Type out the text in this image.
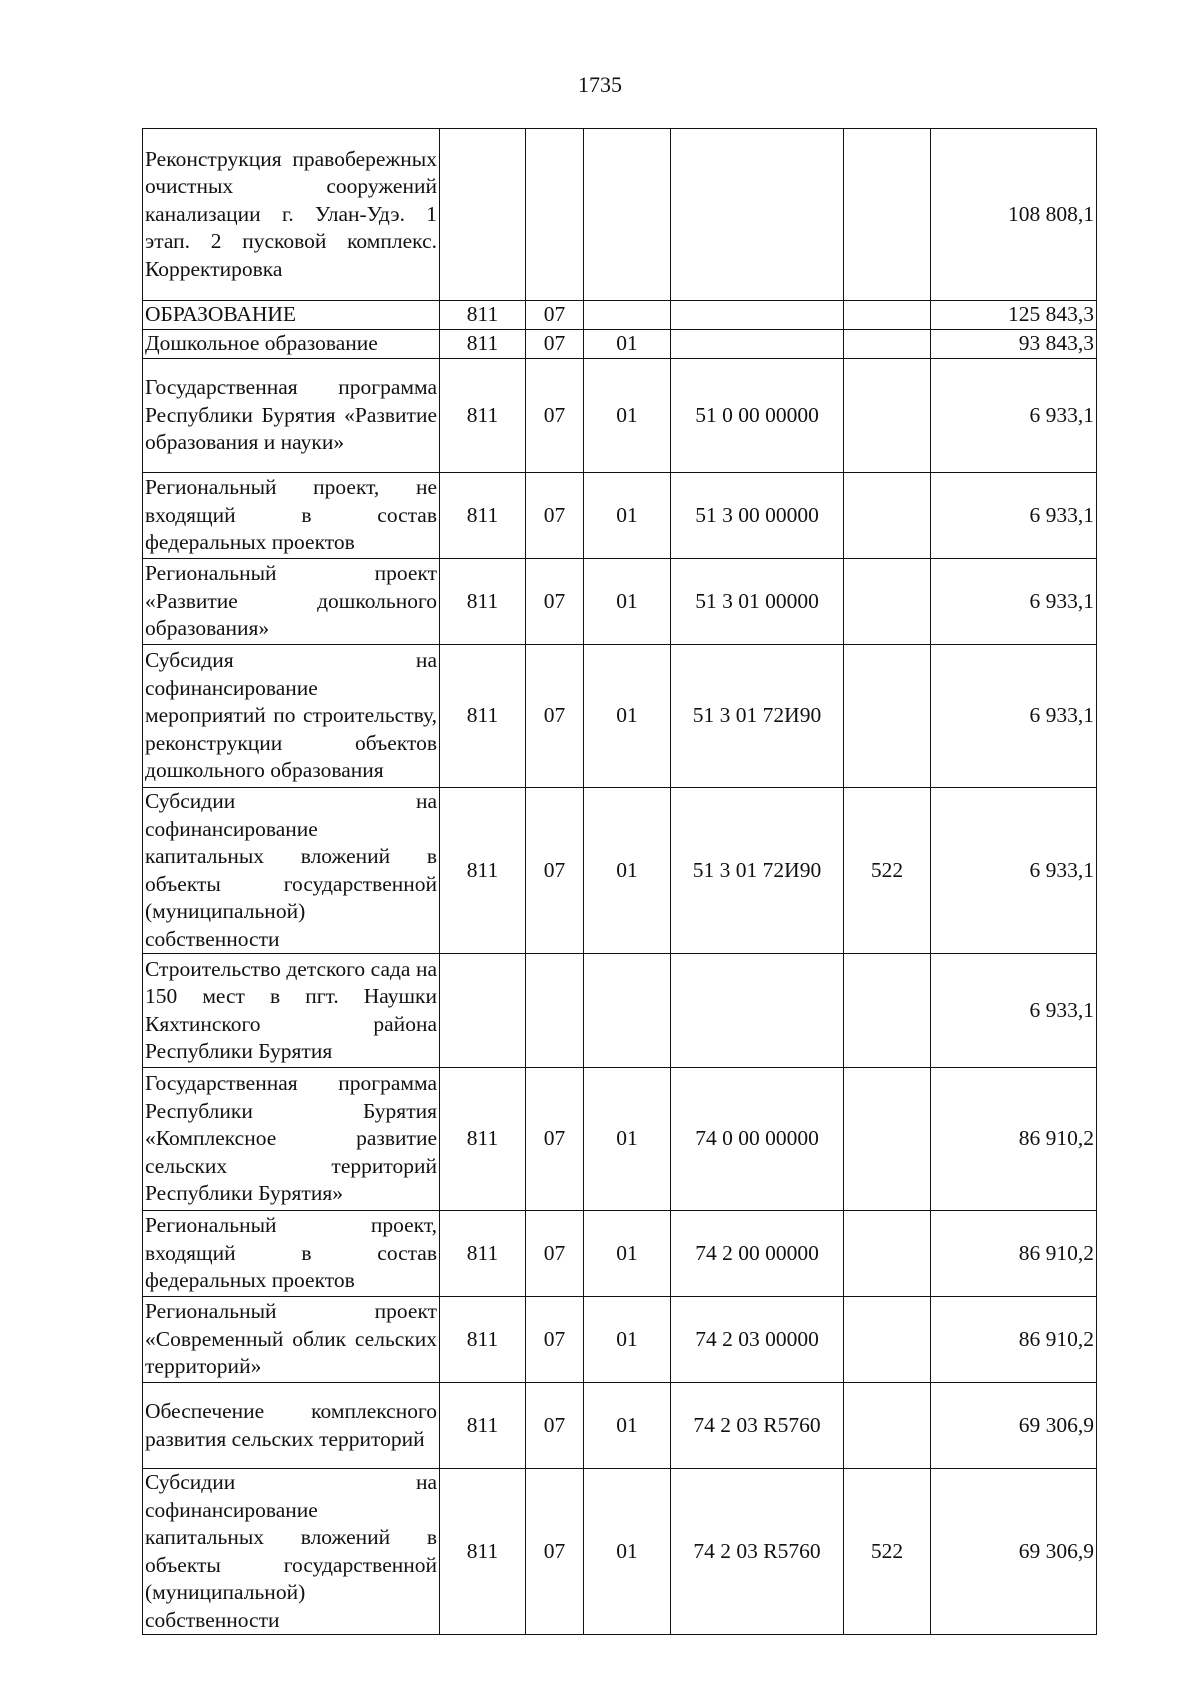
1735
Реконструкция правобережных очистных сооружений канализации г. Улан-Удэ. 1 этап. 2 пусковой комплекс. Корректировка						108 808,1
ОБРАЗОВАНИЕ	811	07				125 843,3
Дошкольное образование	811	07	01			93 843,3
Государственная программа Республики Бурятия «Развитие образования и науки»	811	07	01	51 0 00 00000		6 933,1
Региональный проект, не входящий в состав федеральных проектов	811	07	01	51 3 00 00000		6 933,1
Региональный проект «Развитие дошкольного образования»	811	07	01	51 3 01 00000		6 933,1
Субсидия на софинансирование мероприятий по строительству, реконструкции объектов дошкольного образования	811	07	01	51 3 01 72И90		6 933,1
Субсидии на софинансирование капитальных вложений в объекты государственной (муниципальной) собственности	811	07	01	51 3 01 72И90	522	6 933,1
Строительство детского сада на 150 мест в пгт. Наушки Кяхтинского района Республики Бурятия						6 933,1
Государственная программа Республики Бурятия «Комплексное развитие сельских территорий Республики Бурятия»	811	07	01	74 0 00 00000		86 910,2
Региональный проект, входящий в состав федеральных проектов	811	07	01	74 2 00 00000		86 910,2
Региональный проект «Современный облик сельских территорий»	811	07	01	74 2 03 00000		86 910,2
Обеспечение комплексного развития сельских территорий	811	07	01	74 2 03 R5760		69 306,9
Субсидии на софинансирование капитальных вложений в объекты государственной (муниципальной) собственности	811	07	01	74 2 03 R5760	522	69 306,9
